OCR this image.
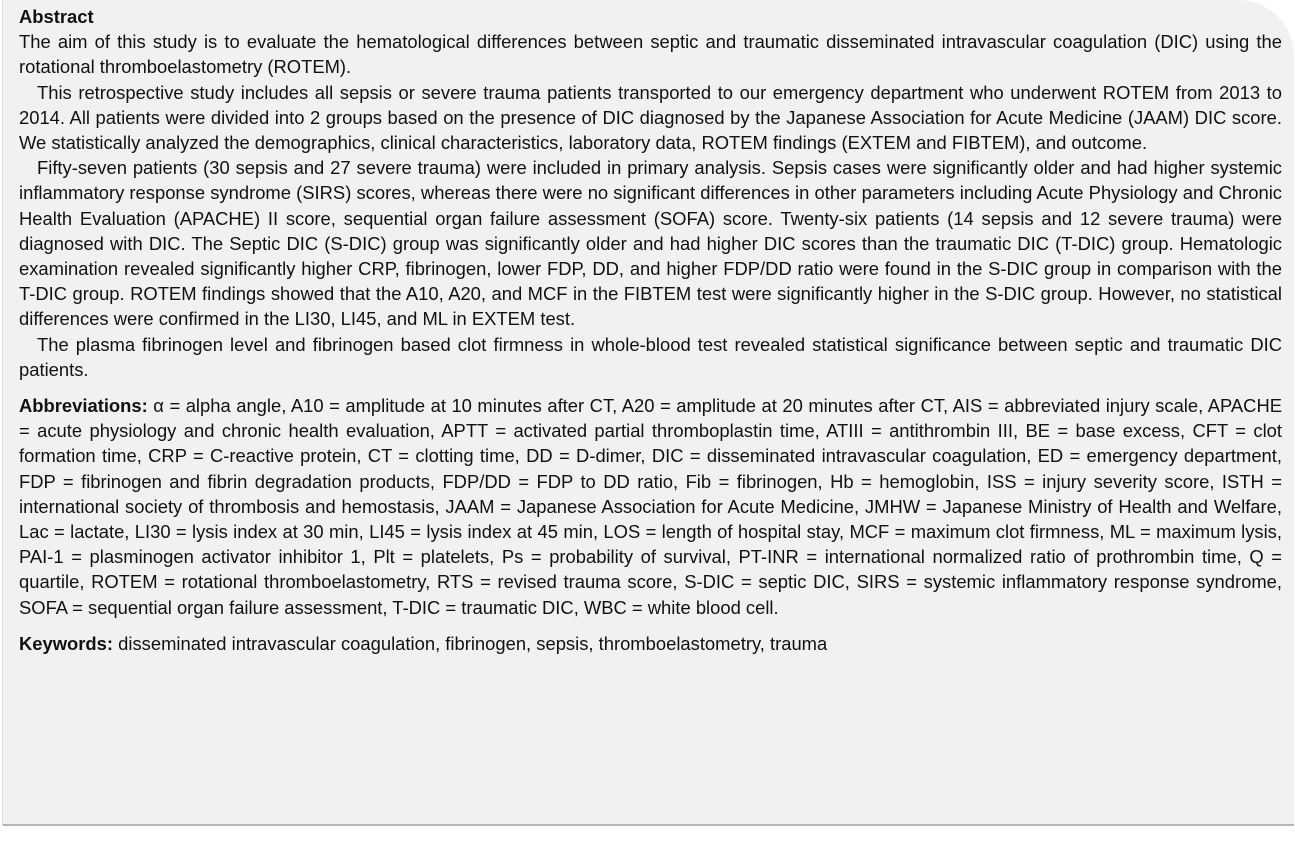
Abstract

The aim of this study is to evaluate the hematological differences between septic and traumatic disseminated intravascular coagulation (DIC) using the rotational thromboelastometry (ROTEM).

This retrospective study includes all sepsis or severe trauma patients transported to our emergency department who underwent ROTEM from 2013 to 2014. All patients were divided into 2 groups based on the presence of DIC diagnosed by the Japanese Association for Acute Medicine (JAAM) DIC score. We statistically analyzed the demographics, clinical characteristics, laboratory data, ROTEM findings (EXTEM and FIBTEM), and outcome.

Fifty-seven patients (30 sepsis and 27 severe trauma) were included in primary analysis. Sepsis cases were significantly older and had higher systemic inflammatory response syndrome (SIRS) scores, whereas there were no significant differences in other parameters including Acute Physiology and Chronic Health Evaluation (APACHE) II score, sequential organ failure assessment (SOFA) score. Twenty-six patients (14 sepsis and 12 severe trauma) were diagnosed with DIC. The Septic DIC (S-DIC) group was significantly older and had higher DIC scores than the traumatic DIC (T-DIC) group. Hematologic examination revealed significantly higher CRP, fibrinogen, lower FDP, DD, and higher FDP/DD ratio were found in the S-DIC group in comparison with the T-DIC group. ROTEM findings showed that the A10, A20, and MCF in the FIBTEM test were significantly higher in the S-DIC group. However, no statistical differences were confirmed in the LI30, LI45, and ML in EXTEM test.

The plasma fibrinogen level and fibrinogen based clot firmness in whole-blood test revealed statistical significance between septic and traumatic DIC patients.

Abbreviations: α = alpha angle, A10 = amplitude at 10 minutes after CT, A20 = amplitude at 20 minutes after CT, AIS = abbreviated injury scale, APACHE = acute physiology and chronic health evaluation, APTT = activated partial thromboplastin time, ATIII = antithrombin III, BE = base excess, CFT = clot formation time, CRP = C-reactive protein, CT = clotting time, DD = D-dimer, DIC = disseminated intravascular coagulation, ED = emergency department, FDP = fibrinogen and fibrin degradation products, FDP/DD = FDP to DD ratio, Fib = fibrinogen, Hb = hemoglobin, ISS = injury severity score, ISTH = international society of thrombosis and hemostasis, JAAM = Japanese Association for Acute Medicine, JMHW = Japanese Ministry of Health and Welfare, Lac = lactate, LI30 = lysis index at 30 min, LI45 = lysis index at 45 min, LOS = length of hospital stay, MCF = maximum clot firmness, ML = maximum lysis, PAI-1 = plasminogen activator inhibitor 1, Plt = platelets, Ps = probability of survival, PT-INR = international normalized ratio of prothrombin time, Q = quartile, ROTEM = rotational thromboelastometry, RTS = revised trauma score, S-DIC = septic DIC, SIRS = systemic inflammatory response syndrome, SOFA = sequential organ failure assessment, T-DIC = traumatic DIC, WBC = white blood cell.

Keywords: disseminated intravascular coagulation, fibrinogen, sepsis, thromboelastometry, trauma
